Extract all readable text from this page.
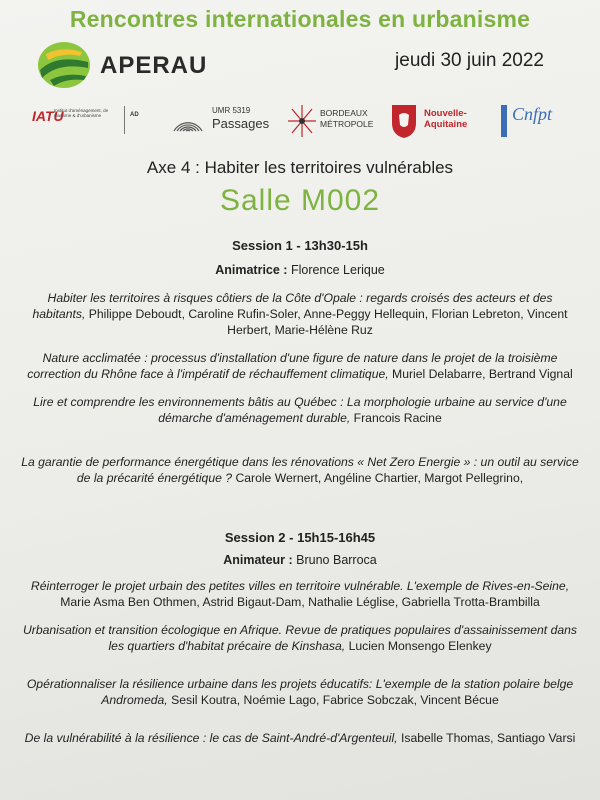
Rencontres internationales en urbanisme
APERAU	jeudi 30 juin 2022
IATU
Institut d'aménagement, de tourisme & d'urbanisme	AD	UMR 5319
Passages
BORDEAUX MÉTROPOLE
Nouvelle-Aquitaine
Cnfpt
Axe 4 : Habiter les territoires vulnérables
Salle M002
Session 1 - 13h30-15h
Animatrice : Florence Lerique
Habiter les territoires à risques côtiers de la Côte d'Opale : regards croisés des acteurs et des habitants, Philippe Deboudt, Caroline Rufin-Soler, Anne-Peggy Hellequin, Florian Lebreton, Vincent Herbert, Marie-Hélène Ruz
Nature acclimatée : processus d'installation d'une figure de nature dans le projet de la troisième correction du Rhône face à l'impératif de réchauffement climatique, Muriel Delabarre, Bertrand Vignal
Lire et comprendre les environnements bâtis au Québec : La morphologie urbaine au service d'une démarche d'aménagement durable, Francois Racine
La garantie de performance énergétique dans les rénovations « Net Zero Energie » : un outil au service de la précarité énergétique ? Carole Wernert, Angéline Chartier, Margot Pellegrino,
Session 2 - 15h15-16h45
Animateur : Bruno Barroca
Réinterroger le projet urbain des petites villes en territoire vulnérable. L'exemple de Rives-en-Seine, Marie Asma Ben Othmen, Astrid Bigaut-Dam, Nathalie Léglise, Gabriella Trotta-Brambilla
Urbanisation et transition écologique en Afrique. Revue de pratiques populaires d'assainissement dans les quartiers d'habitat précaire de Kinshasa, Lucien Monsengo Elenkey
Opérationnaliser la résilience urbaine dans les projets éducatifs: L'exemple de la station polaire belge Andromeda, Sesil Koutra, Noémie Lago, Fabrice Sobczak, Vincent Bécue
De la vulnérabilité à la résilience : le cas de Saint-André-d'Argenteuil, Isabelle Thomas, Santiago Varsi
